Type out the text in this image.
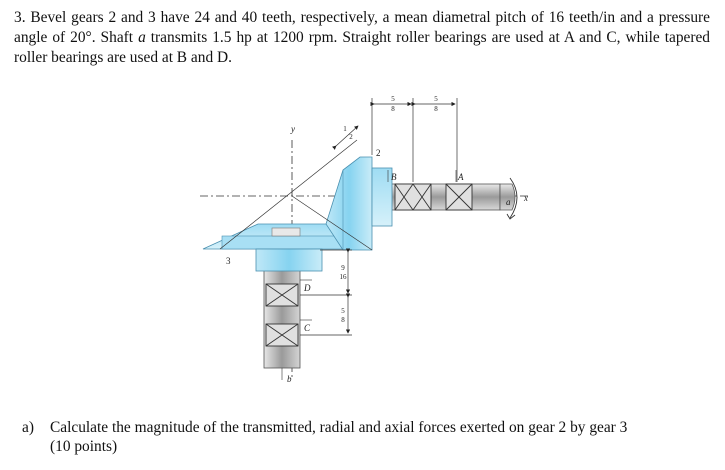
3. Bevel gears 2 and 3 have 24 and 40 teeth, respectively, a mean diametral pitch of 16 teeth/in and a pressure angle of 20°. Shaft a transmits 1.5 hp at 1200 rpm. Straight roller bearings are used at A and C, while tapered roller bearings are used at B and D.
5
8
5
8
1
2
9
16
5
8
y
2
3
B	A
D
C
a
b
x
a) Calculate the magnitude of the transmitted, radial and axial forces exerted on gear 2 by gear 3
(10 points)
